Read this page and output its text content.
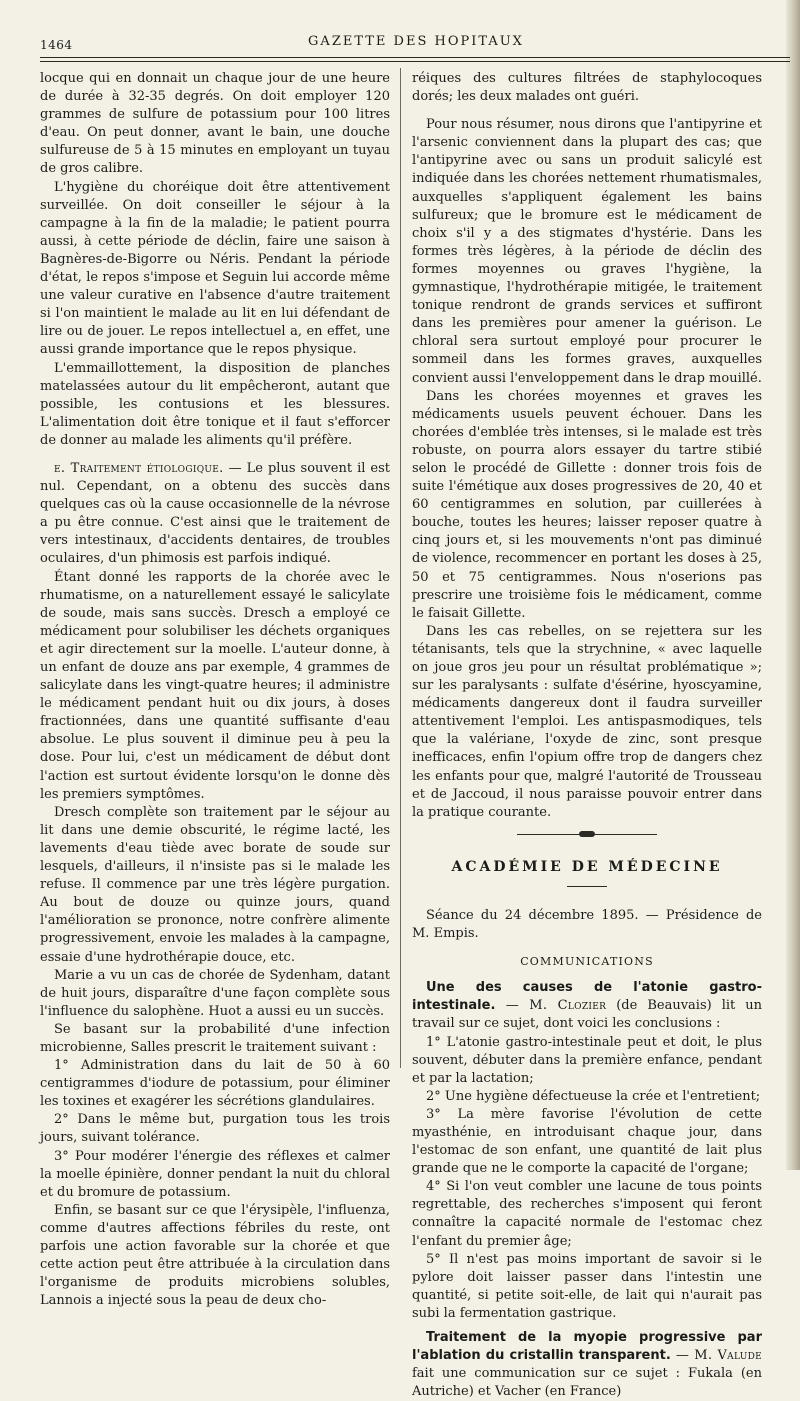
1464	GAZETTE DES HOPITAUX

locque qui en donnait un chaque jour de une heure de durée à 32-35 degrés. On doit employer 120 grammes de sulfure de potassium pour 100 litres d'eau. On peut donner, avant le bain, une douche sulfureuse de 5 à 15 minutes en employant un tuyau de gros calibre.

L'hygiène du choréique doit être attentivement surveillée. On doit conseiller le séjour à la campagne à la fin de la maladie; le patient pourra aussi, à cette période de déclin, faire une saison à Bagnères-de-Bigorre ou Néris. Pendant la période d'état, le repos s'impose et Seguin lui accorde même une valeur curative en l'absence d'autre traitement si l'on maintient le malade au lit en lui défendant de lire ou de jouer. Le repos intellectuel a, en effet, une aussi grande importance que le repos physique.

L'emmaillottement, la disposition de planches matelassées autour du lit empêcheront, autant que possible, les contusions et les blessures. L'alimentation doit être tonique et il faut s'efforcer de donner au malade les aliments qu'il préfère.

e. Traitement étiologique. — Le plus souvent il est nul. Cependant, on a obtenu des succès dans quelques cas où la cause occasionnelle de la névrose a pu être connue. C'est ainsi que le traitement de vers intestinaux, d'accidents dentaires, de troubles oculaires, d'un phimosis est parfois indiqué.

Étant donné les rapports de la chorée avec le rhumatisme, on a naturellement essayé le salicylate de soude, mais sans succès. Dresch a employé ce médicament pour solubiliser les déchets organiques et agir directement sur la moelle. L'auteur donne, à un enfant de douze ans par exemple, 4 grammes de salicylate dans les vingt-quatre heures; il administre le médicament pendant huit ou dix jours, à doses fractionnées, dans une quantité suffisante d'eau absolue. Le plus souvent il diminue peu à peu la dose. Pour lui, c'est un médicament de début dont l'action est surtout évidente lorsqu'on le donne dès les premiers symptômes.

Dresch complète son traitement par le séjour au lit dans une demie obscurité, le régime lacté, les lavements d'eau tiède avec borate de soude sur lesquels, d'ailleurs, il n'insiste pas si le malade les refuse. Il commence par une très légère purgation. Au bout de douze ou quinze jours, quand l'amélioration se prononce, notre confrère alimente progressivement, envoie les malades à la campagne, essaie d'une hydrothérapie douce, etc.

Marie a vu un cas de chorée de Sydenham, datant de huit jours, disparaître d'une façon complète sous l'influence du salophène. Huot a aussi eu un succès.

Se basant sur la probabilité d'une infection microbienne, Salles prescrit le traitement suivant :

1° Administration dans du lait de 50 à 60 centigrammes d'iodure de potassium, pour éliminer les toxines et exagérer les sécrétions glandulaires.

2° Dans le même but, purgation tous les trois jours, suivant tolérance.

3° Pour modérer l'énergie des réflexes et calmer la moelle épinière, donner pendant la nuit du chloral et du bromure de potassium.

Enfin, se basant sur ce que l'érysipèle, l'influenza, comme d'autres affections fébriles du reste, ont parfois une action favorable sur la chorée et que cette action peut être attribuée à la circulation dans l'organisme de produits microbiens solubles, Lannois a injecté sous la peau de deux cho-

réiques des cultures filtrées de staphylocoques dorés; les deux malades ont guéri.

Pour nous résumer, nous dirons que l'antipyrine et l'arsenic conviennent dans la plupart des cas; que l'antipyrine avec ou sans un produit salicylé est indiquée dans les chorées nettement rhumatismales, auxquelles s'appliquent également les bains sulfureux; que le bromure est le médicament de choix s'il y a des stigmates d'hystérie. Dans les formes très légères, à la période de déclin des formes moyennes ou graves l'hygiène, la gymnastique, l'hydrothérapie mitigée, le traitement tonique rendront de grands services et suffiront dans les premières pour amener la guérison. Le chloral sera surtout employé pour procurer le sommeil dans les formes graves, auxquelles convient aussi l'enveloppement dans le drap mouillé.

Dans les chorées moyennes et graves les médicaments usuels peuvent échouer. Dans les chorées d'emblée très intenses, si le malade est très robuste, on pourra alors essayer du tartre stibié selon le procédé de Gillette : donner trois fois de suite l'émétique aux doses progressives de 20, 40 et 60 centigrammes en solution, par cuillerées à bouche, toutes les heures; laisser reposer quatre à cinq jours et, si les mouvements n'ont pas diminué de violence, recommencer en portant les doses à 25, 50 et 75 centigrammes. Nous n'oserions pas prescrire une troisième fois le médicament, comme le faisait Gillette.

Dans les cas rebelles, on se rejettera sur les tétanisants, tels que la strychnine, « avec laquelle on joue gros jeu pour un résultat problématique »; sur les paralysants : sulfate d'ésérine, hyoscyamine, médicaments dangereux dont il faudra surveiller attentivement l'emploi. Les antispasmodiques, tels que la valériane, l'oxyde de zinc, sont presque inefficaces, enfin l'opium offre trop de dangers chez les enfants pour que, malgré l'autorité de Trousseau et de Jaccoud, il nous paraisse pouvoir entrer dans la pratique courante.

ACADÉMIE DE MÉDECINE

Séance du 24 décembre 1895. — Présidence de M. Empis.

COMMUNICATIONS

Une des causes de l'atonie gastro-intestinale. — M. Clozier (de Beauvais) lit un travail sur ce sujet, dont voici les conclusions :

1° L'atonie gastro-intestinale peut et doit, le plus souvent, débuter dans la première enfance, pendant et par la lactation;

2° Une hygiène défectueuse la crée et l'entretient;

3° La mère favorise l'évolution de cette myasthénie, en introduisant chaque jour, dans l'estomac de son enfant, une quantité de lait plus grande que ne le comporte la capacité de l'organe;

4° Si l'on veut combler une lacune de tous points regrettable, des recherches s'imposent qui feront connaître la capacité normale de l'estomac chez l'enfant du premier âge;

5° Il n'est pas moins important de savoir si le pylore doit laisser passer dans l'intestin une quantité, si petite soit-elle, de lait qui n'aurait pas subi la fermentation gastrique.

Traitement de la myopie progressive par l'ablation du cristallin transparent. — M. Valude fait une communication sur ce sujet : Fukala (en Autriche) et Vacher (en France)
